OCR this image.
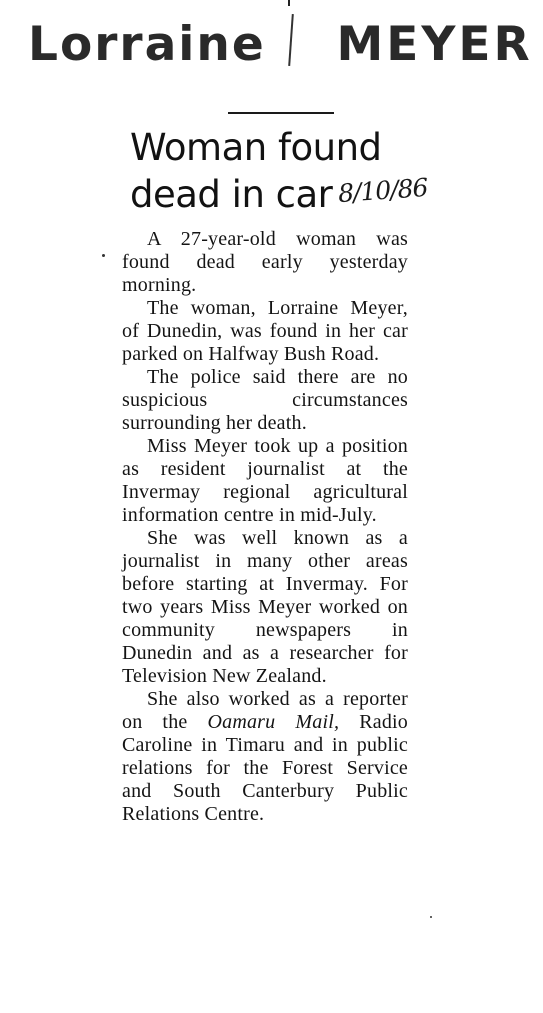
Lorraine MEYER
Woman found
dead in car 8/10/86

A 27-year-old woman was found dead early yesterday morning.

The woman, Lorraine Meyer, of Dunedin, was found in her car parked on Halfway Bush Road.

The police said there are no suspicious circumstances surrounding her death.

Miss Meyer took up a position as resident journalist at the Invermay regional agricultural information centre in mid-July.

She was well known as a journalist in many other areas before starting at Invermay. For two years Miss Meyer worked on community newspapers in Dunedin and as a researcher for Television New Zealand.

She also worked as a reporter on the Oamaru Mail, Radio Caroline in Timaru and in public relations for the Forest Service and South Canterbury Public Relations Centre.
